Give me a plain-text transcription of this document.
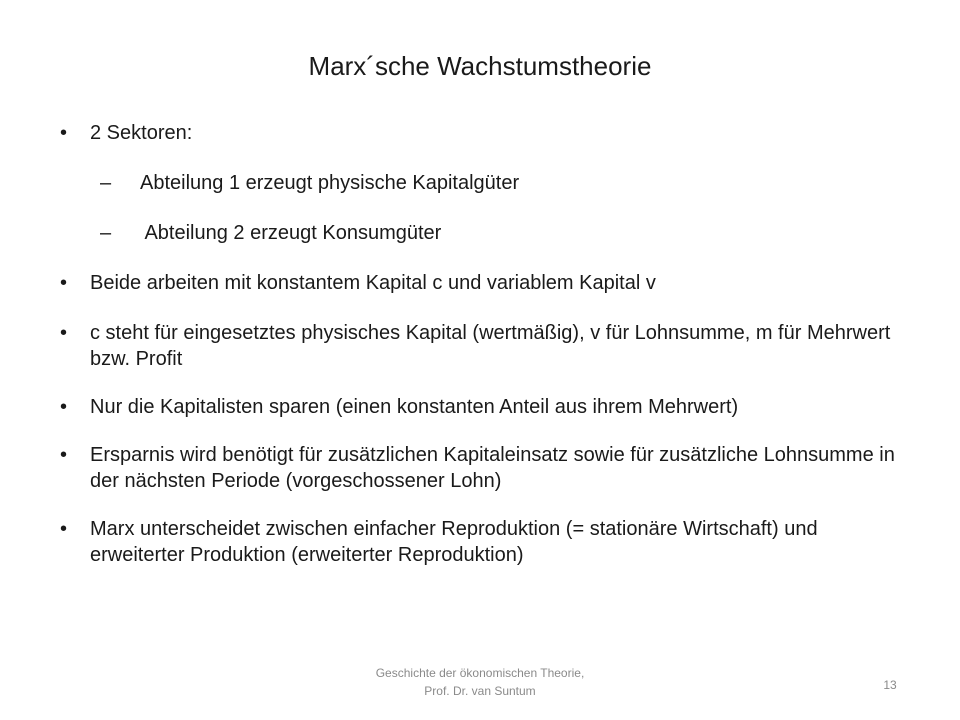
Marx´sche Wachstumstheorie
•	2 Sektoren:
–	Abteilung 1 erzeugt physische Kapitalgüter
–	Abteilung 2 erzeugt Konsumgüter
•	Beide arbeiten mit konstantem Kapital c und variablem Kapital v
•	c steht für eingesetztes physisches Kapital (wertmäßig), v für Lohnsumme, m für Mehrwert bzw. Profit
•	Nur die Kapitalisten sparen (einen konstanten Anteil aus ihrem Mehrwert)
•	Ersparnis wird benötigt für zusätzlichen Kapitaleinsatz sowie für zusätzliche Lohnsumme in der nächsten Periode (vorgeschossener Lohn)
•	Marx unterscheidet zwischen einfacher Reproduktion (= stationäre Wirtschaft) und erweiterter Produktion (erweiterter Reproduktion)
Geschichte der ökonomischen Theorie,
Prof. Dr. van Suntum	13
